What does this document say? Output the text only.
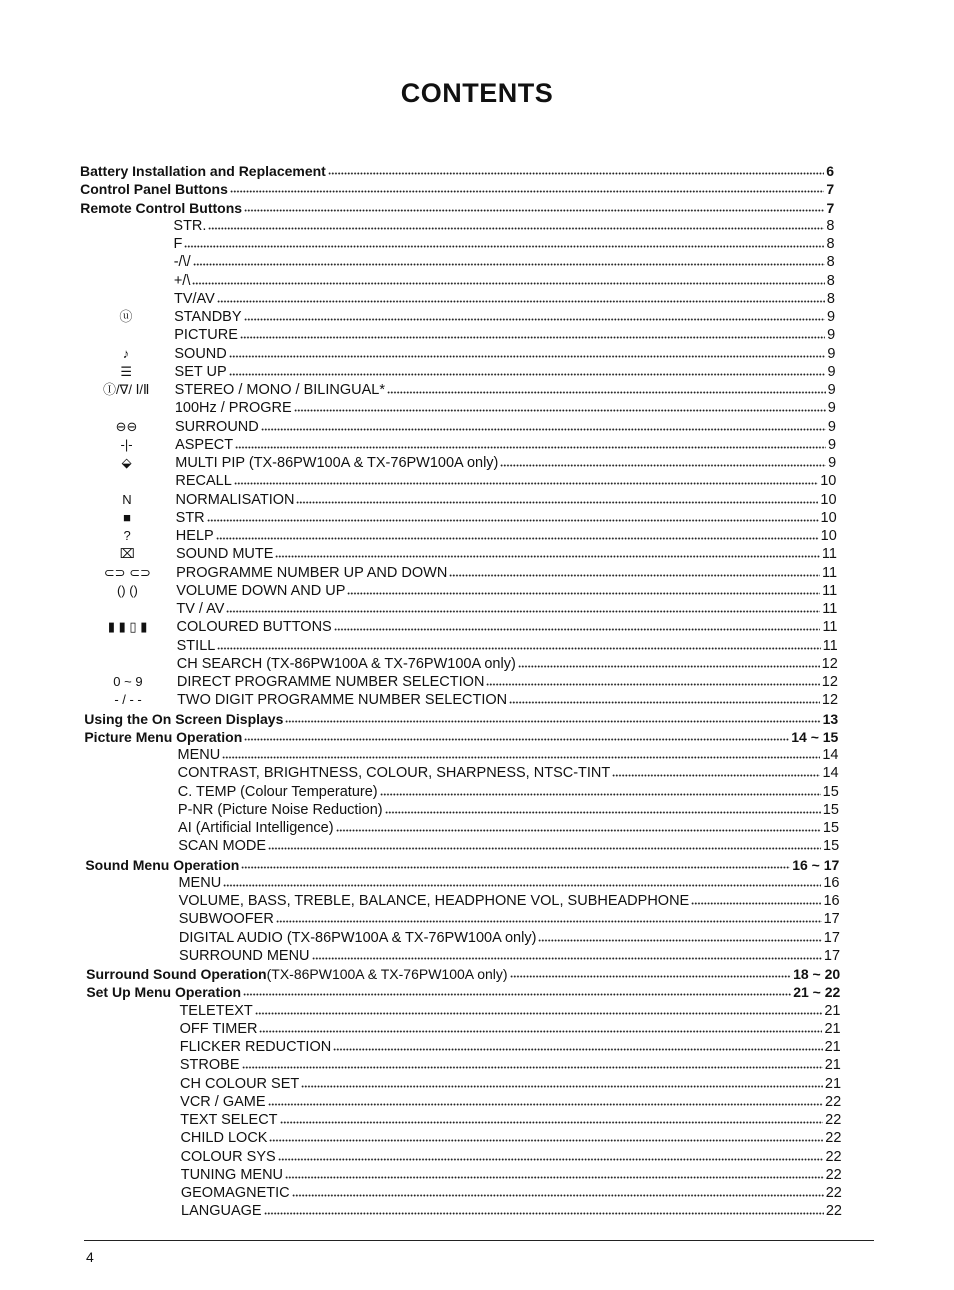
CONTENTS
Battery Installation and Replacement	6
Control Panel Buttons	7
Remote Control Buttons	7
STR.	8
F	8
-/\/	8
+/\	8
TV/AV	8
ⓤ	STANDBY	9
PICTURE	9
♪	SOUND	9
☰	SET UP	9
Ⓘ/∇/ Ⅰ/Ⅱ	STEREO / MONO / BILINGUAL*	9
100Hz / PROGRE	9
⊖⊖	SURROUND	9
-|-	ASPECT	9
⬙	MULTI PIP (TX-86PW100A & TX-76PW100A only)	9
RECALL	10
N	NORMALISATION	10
■	STR	10
?	HELP	10
⌧	SOUND MUTE	11
⊂⊃ ⊂⊃	PROGRAMME NUMBER UP AND DOWN	11
() ()	VOLUME DOWN AND UP	11
TV / AV	11
▮ ▮ ▯ ▮	COLOURED BUTTONS	11
STILL	11
CH SEARCH (TX-86PW100A & TX-76PW100A only)	12
0 ~ 9	DIRECT PROGRAMME NUMBER SELECTION	12
- / - -	TWO DIGIT PROGRAMME NUMBER SELECTION	12
Using the On Screen Displays	13
Picture Menu Operation	14 ~ 15
MENU	14
CONTRAST, BRIGHTNESS, COLOUR, SHARPNESS, NTSC-TINT	14
C. TEMP (Colour Temperature)	15
P-NR (Picture Noise Reduction)	15
AI (Artificial Intelligence)	15
SCAN MODE	15
Sound Menu Operation	16 ~ 17
MENU	16
VOLUME, BASS, TREBLE, BALANCE, HEADPHONE VOL, SUBHEADPHONE	16
SUBWOOFER	17
DIGITAL AUDIO (TX-86PW100A & TX-76PW100A only)	17
SURROUND MENU	17
Surround Sound Operation (TX-86PW100A & TX-76PW100A only)	18 ~ 20
Set Up Menu Operation	21 ~ 22
TELETEXT	21
OFF TIMER	21
FLICKER REDUCTION	21
STROBE	21
CH COLOUR SET	21
VCR / GAME	22
TEXT SELECT	22
CHILD LOCK	22
COLOUR SYS	22
TUNING MENU	22
GEOMAGNETIC	22
LANGUAGE	22
4
